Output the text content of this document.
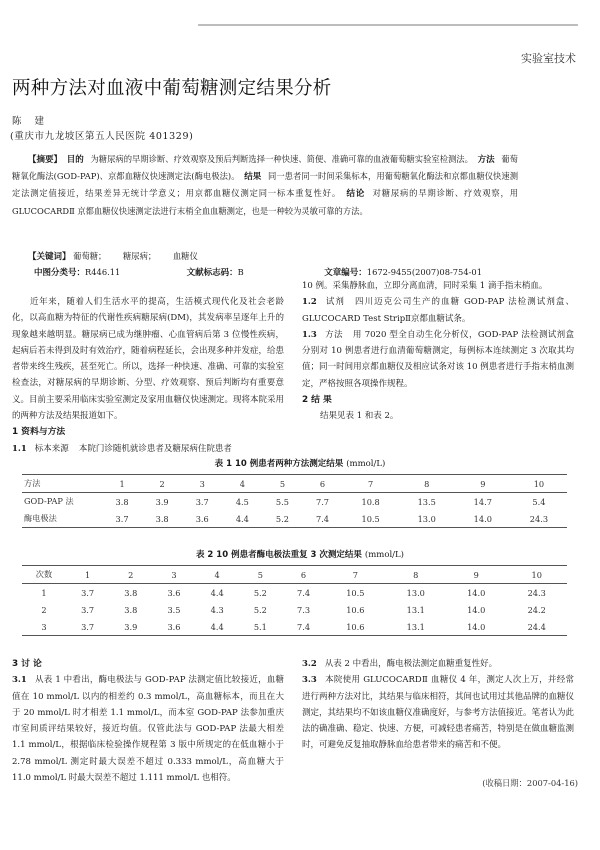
实验室技术
两种方法对血液中葡萄糖测定结果分析
陈 建
(重庆市九龙坡区第五人民医院 401329)
【摘要】 目的 为糖尿病的早期诊断、疗效观察及预后判断选择一种快速、简便、准确可靠的血液葡萄糖实验室检测法。 方法 葡萄糖氧化酶法(GOD-PAP)、京都血糖仪快速测定法(酶电极法)。 结果 同一患者同一时间采集标本，用葡萄糖氧化酶法和京都血糖仪快速测定法测定值接近，结果差异无统计学意义；用京都血糖仪测定同一标本重复性好。 结论 对糖尿病的早期诊断、疗效观察，用 GLUCOCARDⅡ 京都血糖仪快速测定法进行末梢全血血糖测定，也是一种较为灵敏可靠的方法。
【关键词】 葡萄糖； 糖尿病； 血糖仪
中图分类号：R446.11	文献标志码：B	文章编号：1672-9455(2007)08-754-01

近年来，随着人们生活水平的提高，生活模式现代化及社会老龄化，以高血糖为特征的代谢性疾病糖尿病(DM)，其发病率呈逐年上升的现象越来越明显。糖尿病已成为继肿瘤、心血管病后第 3 位慢性疾病，起病后若未得到及时有效治疗，随着病程延长，会出现多种并发症，给患者带来终生残疾，甚至死亡。所以，选择一种快速、准确、可靠的实验室检查法，对糖尿病的早期诊断、分型、疗效观察、预后判断均有重要意义。目前主要采用临床实验室测定及家用血糖仪快速测定。现将本院采用的两种方法及结果报道如下。

1 资料与方法

1.1 标本来源 本院门诊随机就诊患者及糖尿病住院患者

10 例。采集静脉血，立即分离血清，同时采集 1 滴手指末梢血。

1.2 试剂 四川迈克公司生产的血糖 GOD-PAP 法检测试剂盒、GLUCOCARD Test StripⅡ京都血糖试条。

1.3 方法 用 7020 型全自动生化分析仪，GOD-PAP 法检测试剂盒分别对 10 例患者进行血清葡萄糖测定，每例标本连续测定 3 次取其均值；同一时间用京都血糖仪及相应试条对该 10 例患者进行手指末梢血测定，严格按照各项操作规程。

2 结 果

结果见表 1 和表 2。

表 1 10 例患者两种方法测定结果 (mmol/L)
方法	1	2	3	4	5	6	7	8	9	10
GOD-PAP 法	3.8	3.9	3.7	4.5	5.5	7.7	10.8	13.5	14.7	5.4
酶电极法	3.7	3.8	3.6	4.4	5.2	7.4	10.5	13.0	14.0	24.3
表 2 10 例患者酶电极法重复 3 次测定结果 (mmol/L)
次数	1	2	3	4	5	6	7	8	9	10
1	3.7	3.8	3.6	4.4	5.2	7.4	10.5	13.0	14.0	24.3
2	3.7	3.8	3.5	4.3	5.2	7.3	10.6	13.1	14.0	24.2
3	3.7	3.9	3.6	4.4	5.1	7.4	10.6	13.1	14.0	24.4

3 讨 论

3.1 从表 1 中看出，酶电极法与 GOD-PAP 法测定值比较接近，血糖值在 10 mmol/L 以内的相差约 0.3 mmol/L，高血糖标本，而且在大于 20 mmol/L 时才相差 1.1 mmol/L，而本室 GOD-PAP 法参加重庆市室间质评结果较好，接近均值。仅管此法与 GOD-PAP 法最大相差 1.1 mmol/L，根据临床检验操作规程第 3 版中所规定的在低血糖小于 2.78 mmol/L 测定时最大误差不超过 0.333 mmol/L，高血糖大于 11.0 mmol/L 时最大误差不超过 1.111 mmol/L 也相符。

3.2 从表 2 中看出，酶电极法测定血糖重复性好。

3.3 本院使用 GLUCOCARDⅡ 血糖仪 4 年，测定人次上万，并经常进行两种方法对比，其结果与临床相符，其间也试用过其他品牌的血糖仪测定，其结果均不如该血糖仪准确度好，与参考方法值接近。笔者认为此法的确准确、稳定、快速、方便，可减轻患者痛苦，特别是在做血糖监测时，可避免反复抽取静脉血给患者带来的痛苦和不便。

(收稿日期：2007-04-16)
